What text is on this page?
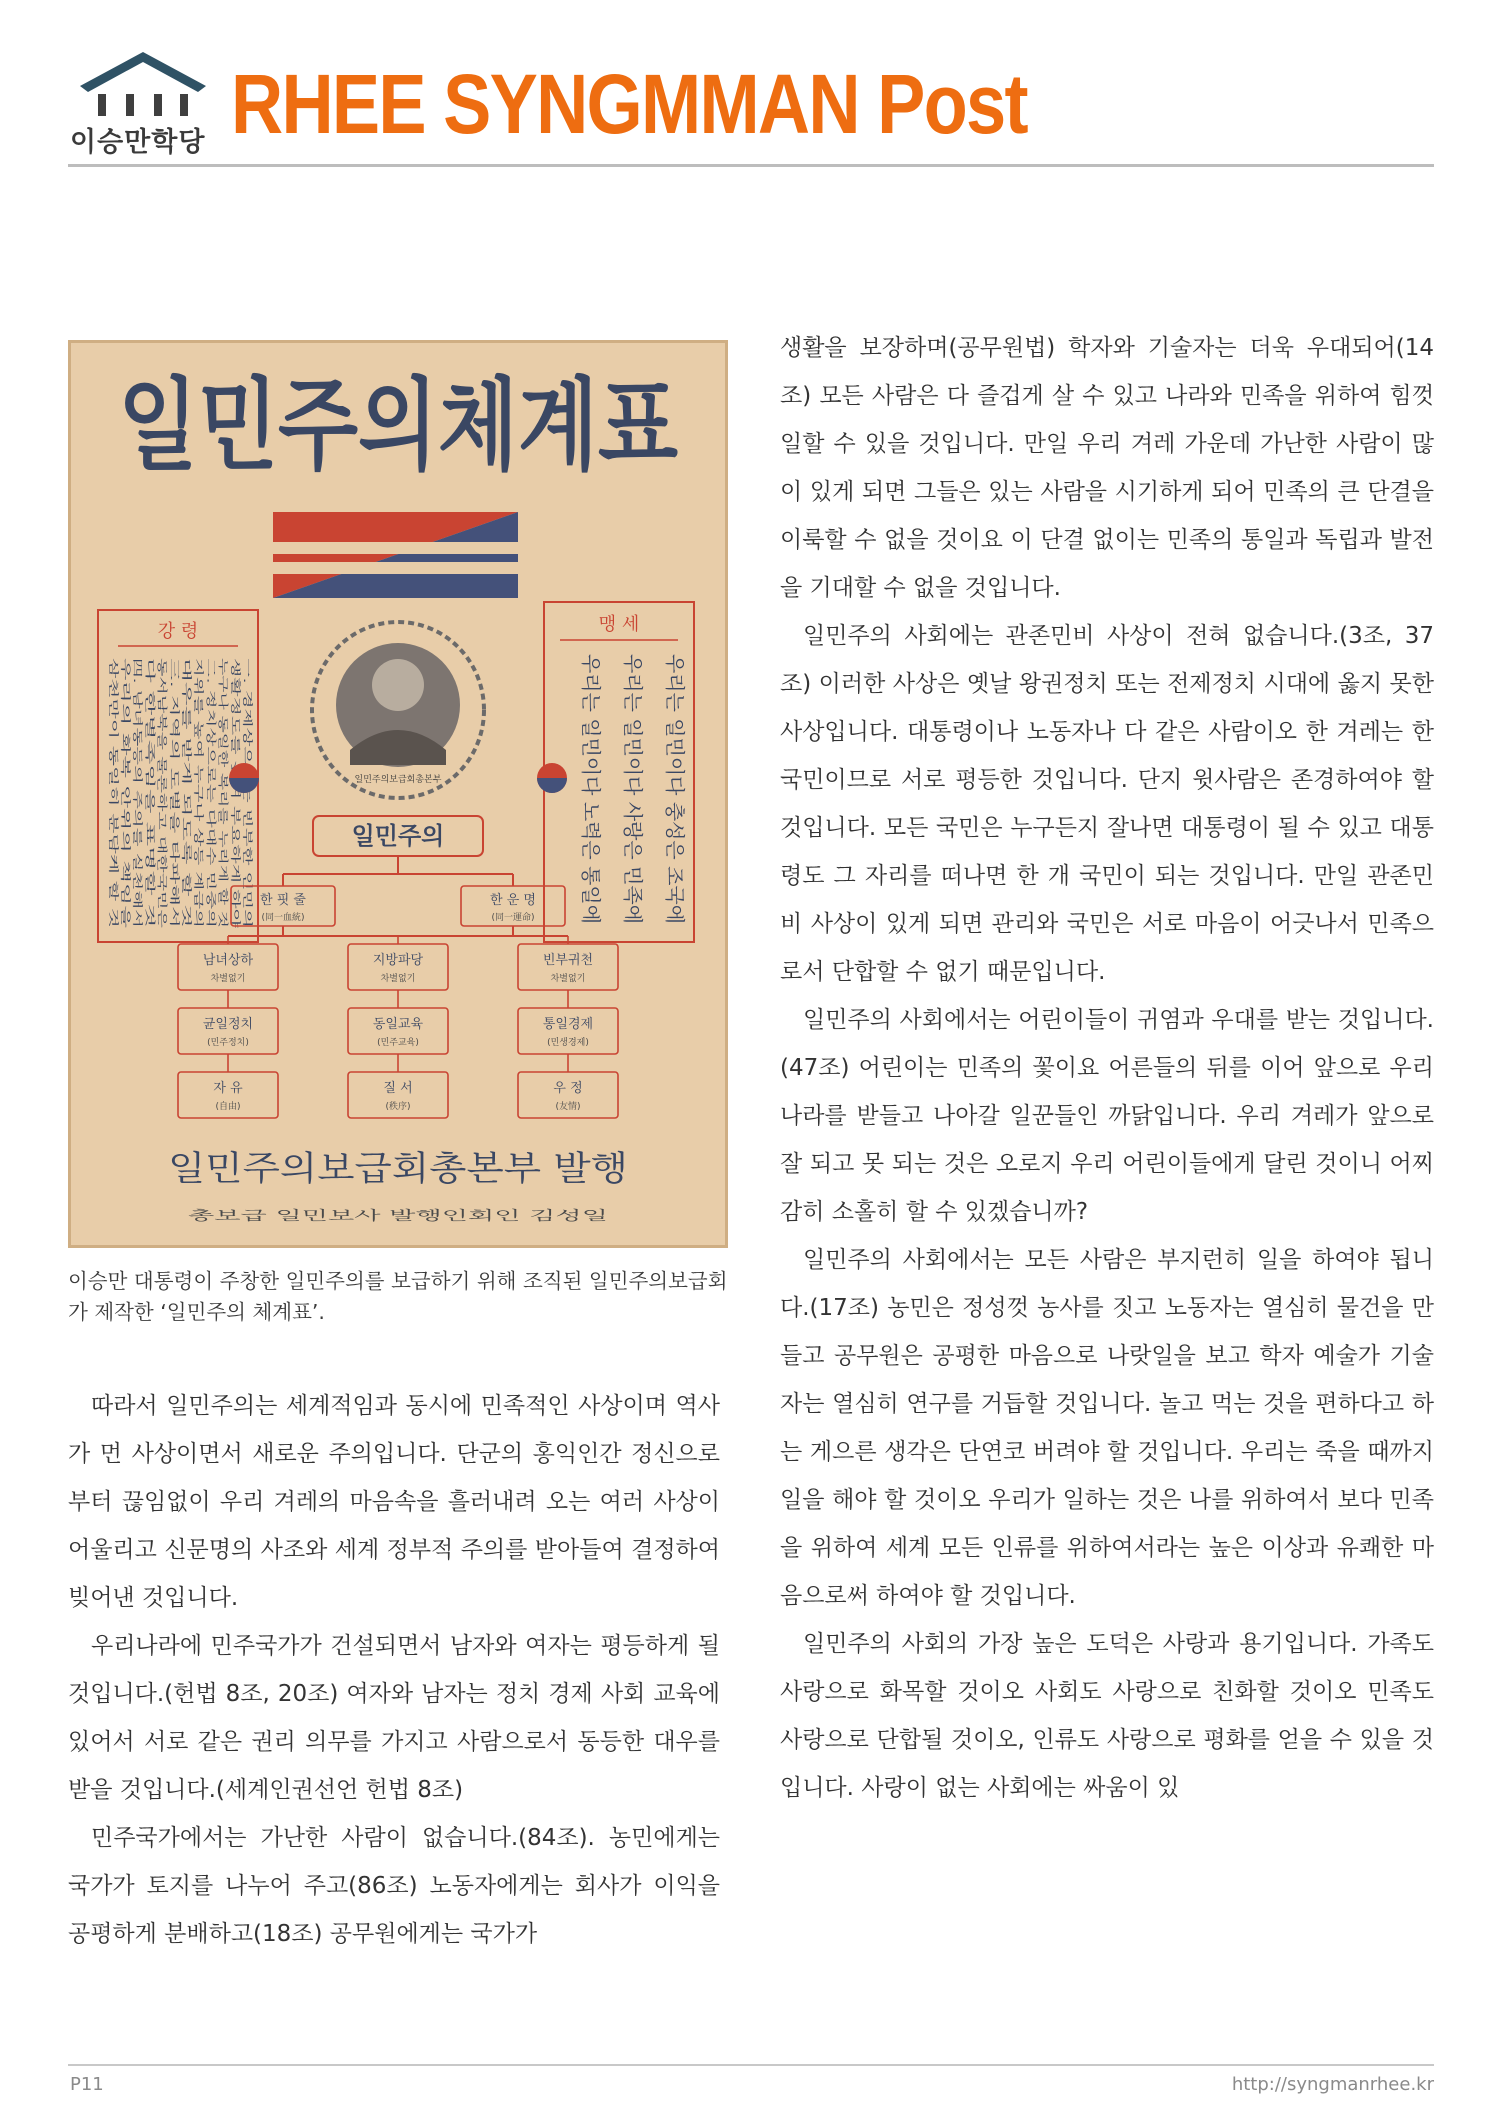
이승만학당 RHEE SYNGMMAN Post
일민주의체계표
강 령
一. 경제상으로는 빈부한 인민의
생활정도를 높여 부요하게 하야
누구나 동일한 복리를 누리게 할 것
二. 정치상으로는 다대수 민중의
지위를 높여 누구나 상등 계급의
대우를 받게 되도록 할 것
三. 지역의 도별을 타파해서
동서남북을 물론하고 대한국민은
다 한별족임을 표명할 것
四. 남녀동등의 주의를 실천해서
우리의 화복 안위의 책임을
삼천만이 동일히 분담케 할 것
맹 세
우리는 일민이다 충성은 조국에
우리는 일민이다 사랑은 민족에
우리는 일민이다 노력은 통일에
일민주의보급회총본부
일민주의
한 핏 줄
(同一血統)
한 운 명
(同一運命)
남녀상하
차별없기
지방파당
차별없기
빈부귀천
차별없기
균일정치
(민주정치)
동일교육
(민주교육)
통일경제
(민생경제)
자 유
(自由)
질 서
(秩序)
우 정
(友情)
일민주의보급회총본부 발행
총보급 일민보사 발행인회인 김성일
이승만 대통령이 주창한 일민주의를 보급하기 위해 조직된 일민주의보급회가 제작한 ‘일민주의 체계표’.

따라서 일민주의는 세계적임과 동시에 민족적인 사상이며 역사가 먼 사상이면서 새로운 주의입니다. 단군의 홍익인간 정신으로부터 끊임없이 우리 겨레의 마음속을 흘러내려 오는 여러 사상이 어울리고 신문명의 사조와 세계 정부적 주의를 받아들여 결정하여 빚어낸 것입니다.

우리나라에 민주국가가 건설되면서 남자와 여자는 평등하게 될 것입니다.(헌법 8조, 20조) 여자와 남자는 정치 경제 사회 교육에 있어서 서로 같은 권리 의무를 가지고 사람으로서 동등한 대우를 받을 것입니다.(세계인권선언 헌법 8조)

민주국가에서는 가난한 사람이 없습니다.(84조). 농민에게는 국가가 토지를 나누어 주고(86조) 노동자에게는 회사가 이익을 공평하게 분배하고(18조) 공무원에게는 국가가

생활을 보장하며(공무원법) 학자와 기술자는 더욱 우대되어(14조) 모든 사람은 다 즐겁게 살 수 있고 나라와 민족을 위하여 힘껏 일할 수 있을 것입니다. 만일 우리 겨레 가운데 가난한 사람이 많이 있게 되면 그들은 있는 사람을 시기하게 되어 민족의 큰 단결을 이룩할 수 없을 것이요 이 단결 없이는 민족의 통일과 독립과 발전을 기대할 수 없을 것입니다.

일민주의 사회에는 관존민비 사상이 전혀 없습니다.(3조, 37조) 이러한 사상은 옛날 왕권정치 또는 전제정치 시대에 옳지 못한 사상입니다. 대통령이나 노동자나 다 같은 사람이오 한 겨레는 한 국민이므로 서로 평등한 것입니다. 단지 윗사람은 존경하여야 할 것입니다. 모든 국민은 누구든지 잘나면 대통령이 될 수 있고 대통령도 그 자리를 떠나면 한 개 국민이 되는 것입니다. 만일 관존민비 사상이 있게 되면 관리와 국민은 서로 마음이 어긋나서 민족으로서 단합할 수 없기 때문입니다.

일민주의 사회에서는 어린이들이 귀염과 우대를 받는 것입니다.(47조) 어린이는 민족의 꽃이요 어른들의 뒤를 이어 앞으로 우리나라를 받들고 나아갈 일꾼들인 까닭입니다. 우리 겨레가 앞으로 잘 되고 못 되는 것은 오로지 우리 어린이들에게 달린 것이니 어찌 감히 소홀히 할 수 있겠습니까?

일민주의 사회에서는 모든 사람은 부지런히 일을 하여야 됩니다.(17조) 농민은 정성껏 농사를 짓고 노동자는 열심히 물건을 만들고 공무원은 공평한 마음으로 나랏일을 보고 학자 예술가 기술자는 열심히 연구를 거듭할 것입니다. 놀고 먹는 것을 편하다고 하는 게으른 생각은 단연코 버려야 할 것입니다. 우리는 죽을 때까지 일을 해야 할 것이오 우리가 일하는 것은 나를 위하여서 보다 민족을 위하여 세계 모든 인류를 위하여서라는 높은 이상과 유쾌한 마음으로써 하여야 할 것입니다.

일민주의 사회의 가장 높은 도덕은 사랑과 용기입니다. 가족도 사랑으로 화목할 것이오 사회도 사랑으로 친화할 것이오 민족도 사랑으로 단합될 것이오, 인류도 사랑으로 평화를 얻을 수 있을 것입니다. 사랑이 없는 사회에는 싸움이 있

P11	http://syngmanrhee.kr
